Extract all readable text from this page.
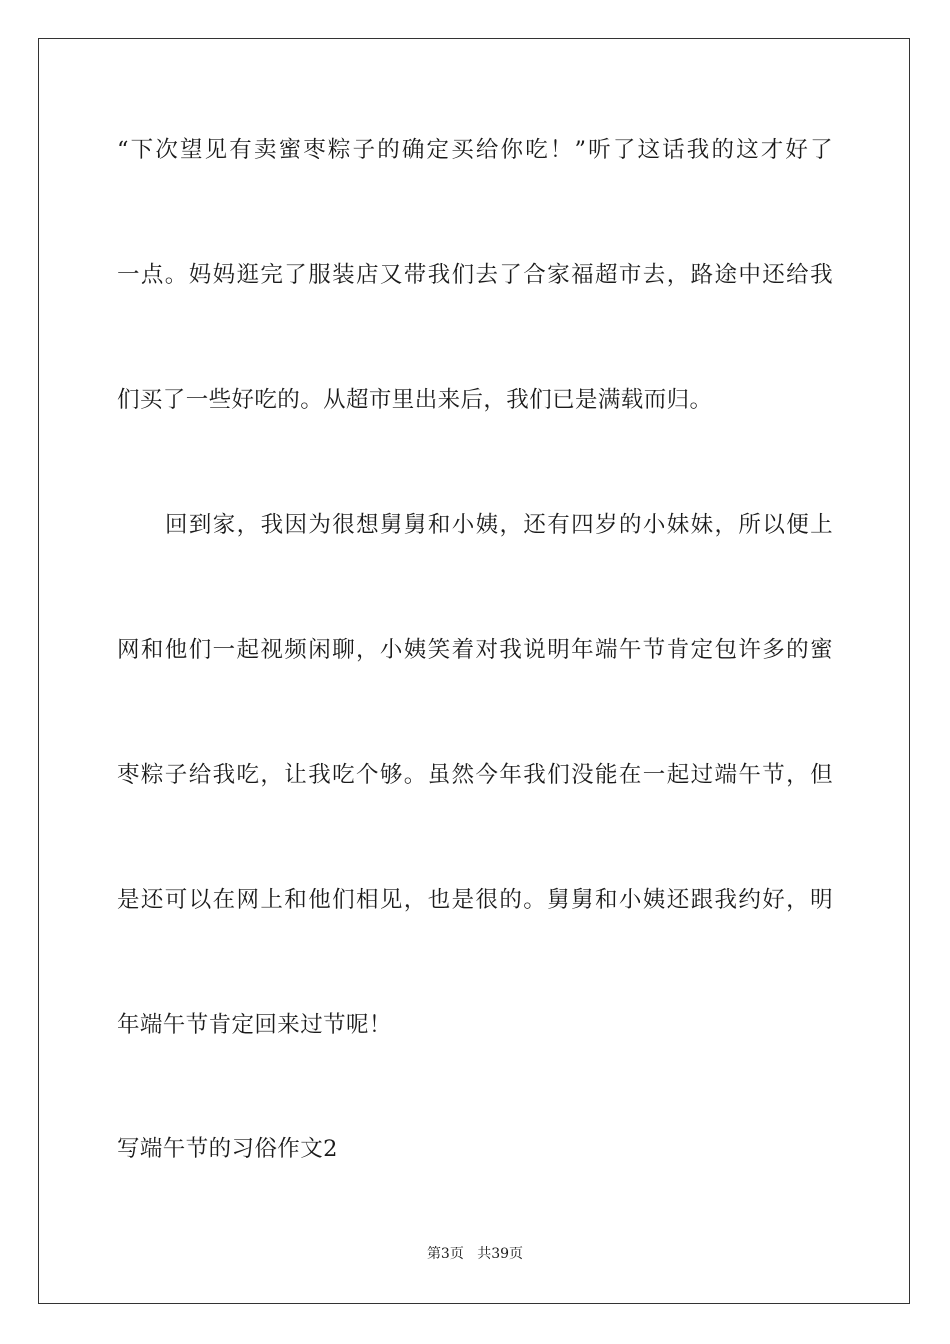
“下次望见有卖蜜枣粽子的确定买给你吃！”听了这话我的这才好了
一点。妈妈逛完了服装店又带我们去了合家福超市去，路途中还给我
们买了一些好吃的。从超市里出来后，我们已是满载而归。
回到家，我因为很想舅舅和小姨，还有四岁的小妹妹，所以便上
网和他们一起视频闲聊，小姨笑着对我说明年端午节肯定包许多的蜜
枣粽子给我吃，让我吃个够。虽然今年我们没能在一起过端午节，但
是还可以在网上和他们相见，也是很的。舅舅和小姨还跟我约好，明
年端午节肯定回来过节呢！
写端午节的习俗作文2
第3页 共39页
